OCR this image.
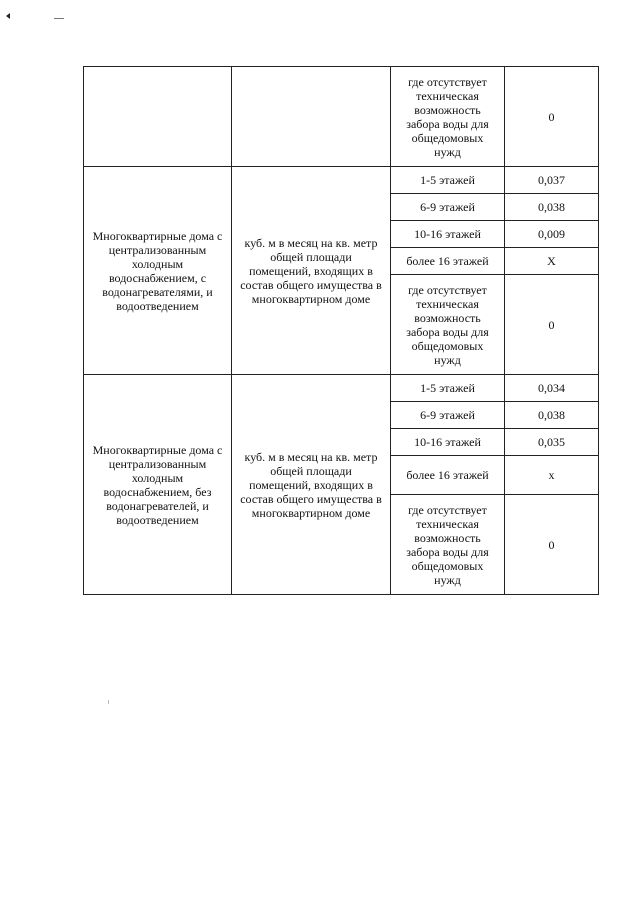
		где отсутствует техническая возможность забора воды для общедомовых нужд	0
Многоквартирные дома с централизованным холодным водоснабжением, с водонагревателями, и водоотведением	куб. м в месяц на кв. метр общей площади помещений, входящих в состав общего имущества в многоквартирном доме	1-5 этажей	0,037
		6-9 этажей	0,038
		10-16 этажей	0,009
		более 16 этажей	X
		где отсутствует техническая возможность забора воды для общедомовых нужд	0
Многоквартирные дома с централизованным холодным водоснабжением, без водонагревателей, и водоотведением	куб. м в месяц на кв. метр общей площади помещений, входящих в состав общего имущества в многоквартирном доме	1-5 этажей	0,034
		6-9 этажей	0,038
		10-16 этажей	0,035
		более 16 этажей	x
		где отсутствует техническая возможность забора воды для общедомовых нужд	0
